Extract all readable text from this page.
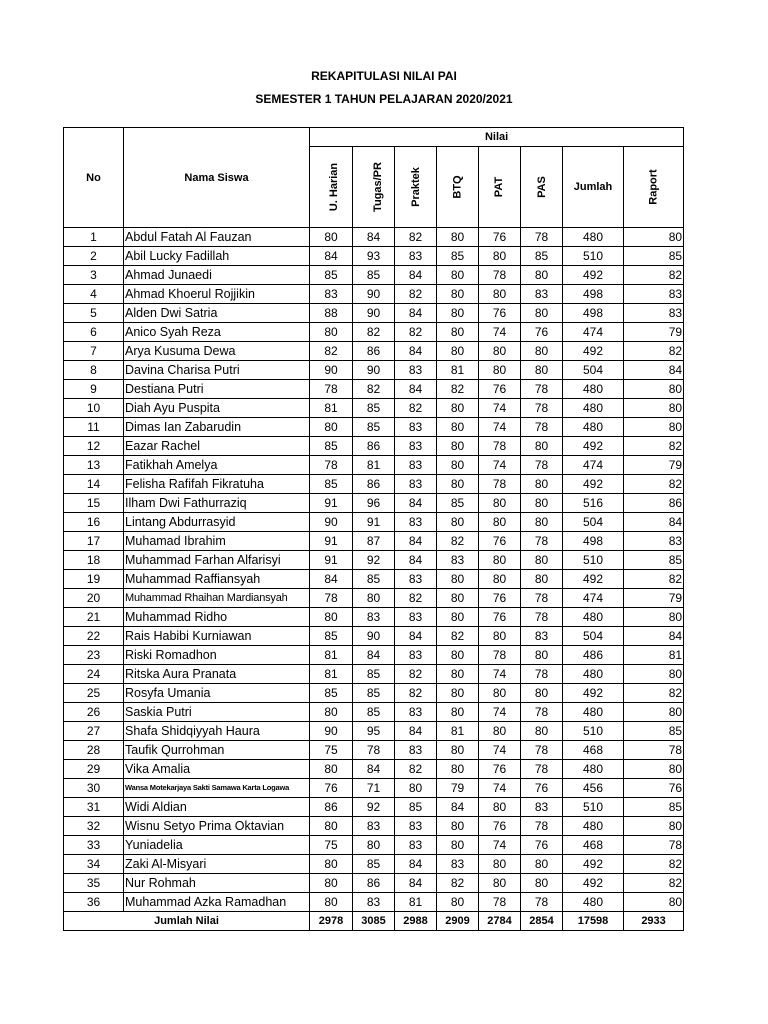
REKAPITULASI NILAI PAI
SEMESTER 1 TAHUN PELAJARAN 2020/2021
No	Nama Siswa	Nilai							
		U. Harian	Tugas/PR	Praktek	BTQ	PAT	PAS	Jumlah	Raport
1	Abdul Fatah Al Fauzan	80	84	82	80	76	78	480	80
2	Abil Lucky Fadillah	84	93	83	85	80	85	510	85
3	Ahmad Junaedi	85	85	84	80	78	80	492	82
4	Ahmad Khoerul Rojjikin	83	90	82	80	80	83	498	83
5	Alden Dwi Satria	88	90	84	80	76	80	498	83
6	Anico Syah Reza	80	82	82	80	74	76	474	79
7	Arya Kusuma Dewa	82	86	84	80	80	80	492	82
8	Davina Charisa Putri	90	90	83	81	80	80	504	84
9	Destiana Putri	78	82	84	82	76	78	480	80
10	Diah Ayu Puspita	81	85	82	80	74	78	480	80
11	Dimas Ian Zabarudin	80	85	83	80	74	78	480	80
12	Eazar Rachel	85	86	83	80	78	80	492	82
13	Fatikhah Amelya	78	81	83	80	74	78	474	79
14	Felisha Rafifah Fikratuha	85	86	83	80	78	80	492	82
15	Ilham Dwi Fathurraziq	91	96	84	85	80	80	516	86
16	Lintang Abdurrasyid	90	91	83	80	80	80	504	84
17	Muhamad Ibrahim	91	87	84	82	76	78	498	83
18	Muhammad Farhan Alfarisyi	91	92	84	83	80	80	510	85
19	Muhammad Raffiansyah	84	85	83	80	80	80	492	82
20	Muhammad Rhaihan Mardiansyah	78	80	82	80	76	78	474	79
21	Muhammad Ridho	80	83	83	80	76	78	480	80
22	Rais Habibi Kurniawan	85	90	84	82	80	83	504	84
23	Riski Romadhon	81	84	83	80	78	80	486	81
24	Ritska Aura Pranata	81	85	82	80	74	78	480	80
25	Rosyfa Umania	85	85	82	80	80	80	492	82
26	Saskia Putri	80	85	83	80	74	78	480	80
27	Shafa Shidqiyyah Haura	90	95	84	81	80	80	510	85
28	Taufik Qurrohman	75	78	83	80	74	78	468	78
29	Vika Amalia	80	84	82	80	76	78	480	80
30	Wansa Motekarjaya Sakti Samawa Karta Logawa	76	71	80	79	74	76	456	76
31	Widi Aldian	86	92	85	84	80	83	510	85
32	Wisnu Setyo Prima Oktavian	80	83	83	80	76	78	480	80
33	Yuniadelia	75	80	83	80	74	76	468	78
34	Zaki Al-Misyari	80	85	84	83	80	80	492	82
35	Nur Rohmah	80	86	84	82	80	80	492	82
36	Muhammad Azka Ramadhan	80	83	81	80	78	78	480	80
Jumlah Nilai		2978	3085	2988	2909	2784	2854	17598	2933
